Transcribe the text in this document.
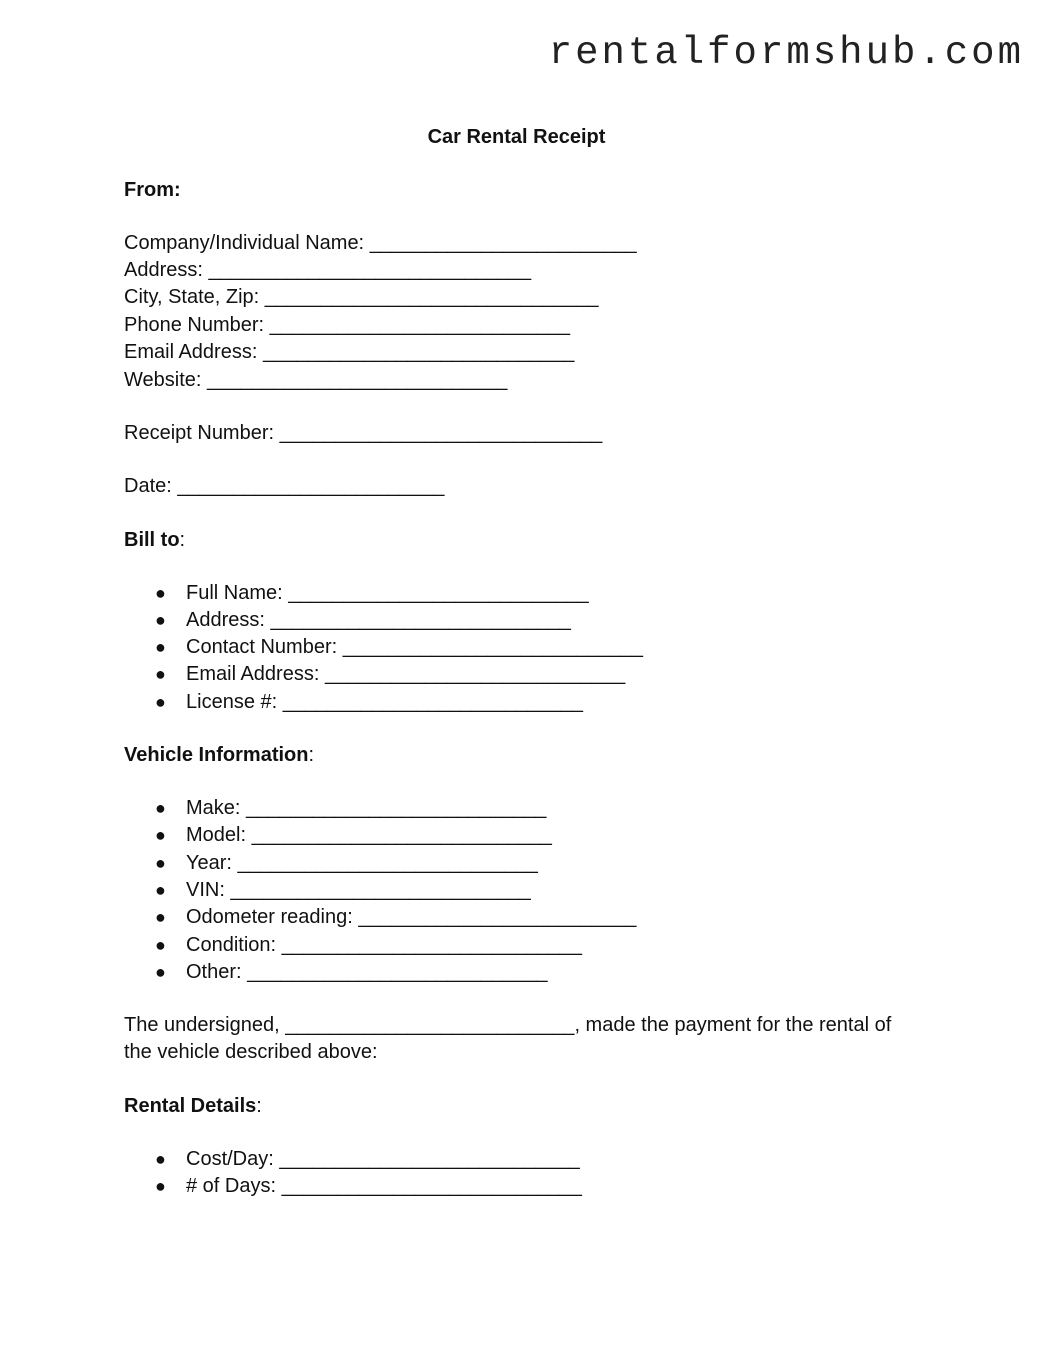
rentalformshub.com
Car Rental Receipt
From:
Company/Individual Name: ________________________
Address: _____________________________
City, State, Zip: ______________________________
Phone Number: ___________________________
Email Address: ____________________________
Website: ___________________________
Receipt Number: _____________________________
Date: ________________________
Bill to:
● Full Name: ___________________________
● Address: ___________________________
● Contact Number: ___________________________
● Email Address: ___________________________
● License #: ___________________________
Vehicle Information:
● Make: ___________________________
● Model: ___________________________
● Year: ___________________________
● VIN: ___________________________
● Odometer reading: _________________________
● Condition: ___________________________
● Other: ___________________________
The undersigned, __________________________, made the payment for the rental of
the vehicle described above:
Rental Details:
● Cost/Day: ___________________________
● # of Days: ___________________________
